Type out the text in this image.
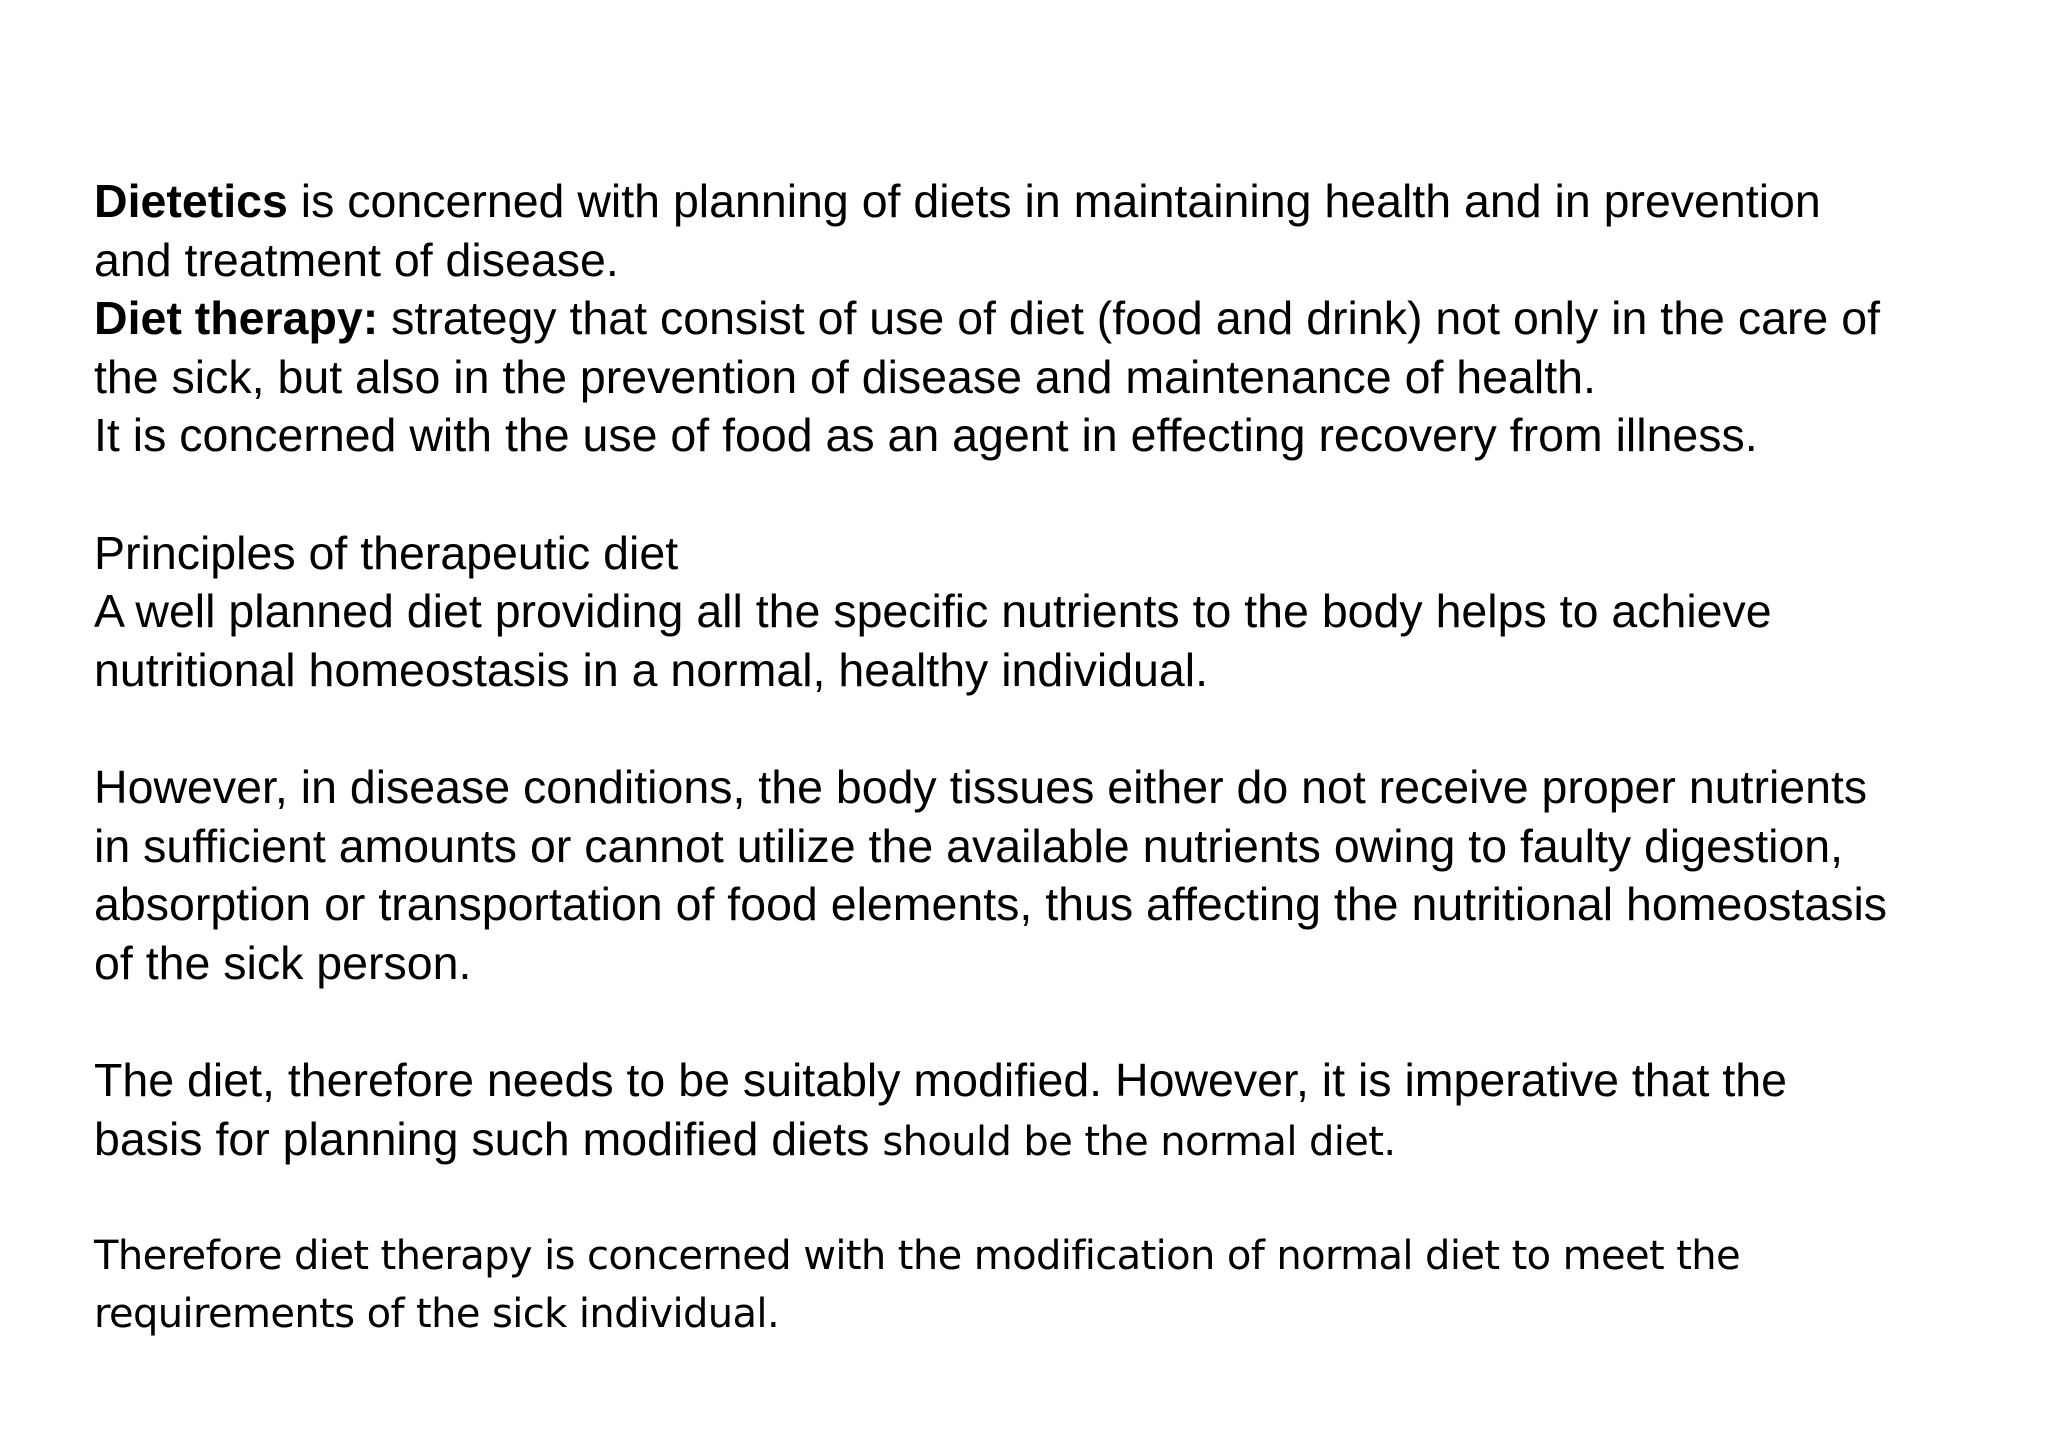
Dietetics is concerned with planning of diets in maintaining health and in prevention
and treatment of disease.
Diet therapy: strategy that consist of use of diet (food and drink) not only in the care of
the sick, but also in the prevention of disease and maintenance of health.
It is concerned with the use of food as an agent in effecting recovery from illness.
Principles of therapeutic diet
A well planned diet providing all the specific nutrients to the body helps to achieve
nutritional homeostasis in a normal, healthy individual.
However, in disease conditions, the body tissues either do not receive proper nutrients
in sufficient amounts or cannot utilize the available nutrients owing to faulty digestion,
absorption or transportation of food elements, thus affecting the nutritional homeostasis
of the sick person.
The diet, therefore needs to be suitably modified. However, it is imperative that the
basis for planning such modified diets should be the normal diet.
Therefore diet therapy is concerned with the modification of normal diet to meet the
requirements of the sick individual.
